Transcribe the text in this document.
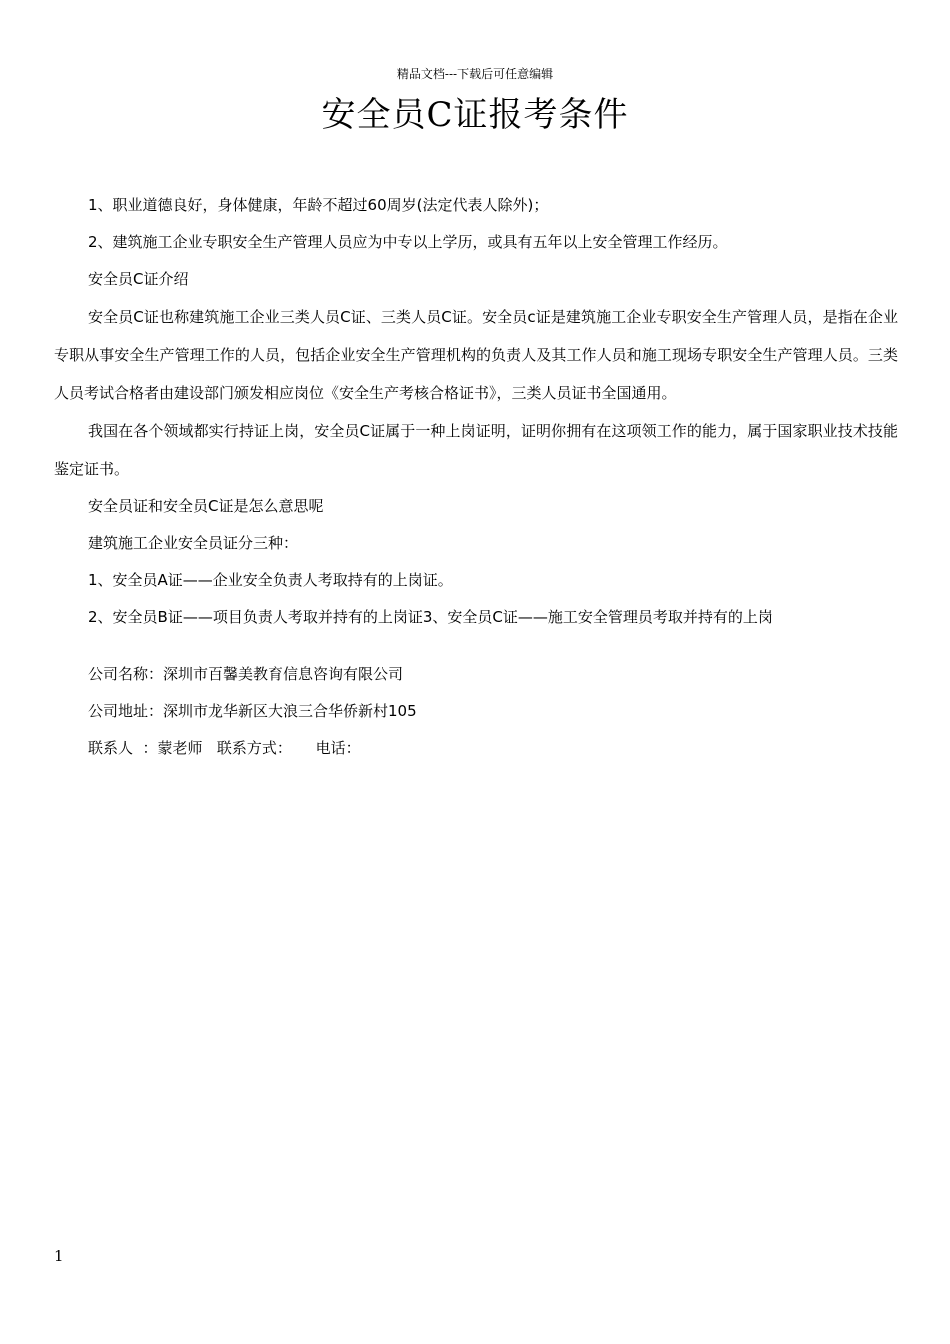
精品文档---下载后可任意编辑
安全员C证报考条件

1、职业道德良好，身体健康，年龄不超过60周岁(法定代表人除外)；

2、建筑施工企业专职安全生产管理人员应为中专以上学历，或具有五年以上安全管理工作经历。

安全员C证介绍

安全员C证也称建筑施工企业三类人员C证、三类人员C证。安全员c证是建筑施工企业专职安全生产管理人员，是指在企业专职从事安全生产管理工作的人员，包括企业安全生产管理机构的负责人及其工作人员和施工现场专职安全生产管理人员。三类人员考试合格者由建设部门颁发相应岗位《安全生产考核合格证书》，三类人员证书全国通用。

我国在各个领域都实行持证上岗，安全员C证属于一种上岗证明，证明你拥有在这项领工作的能力，属于国家职业技术技能鉴定证书。

安全员证和安全员C证是怎么意思呢

建筑施工企业安全员证分三种：

1、安全员A证——企业安全负责人考取持有的上岗证。

2、安全员B证——项目负责人考取并持有的上岗证3、安全员C证——施工安全管理员考取并持有的上岗

公司名称：深圳市百馨美教育信息咨询有限公司

公司地址：深圳市龙华新区大浪三合华侨新村105

联系人  ：蒙老师   联系方式：     电话：

1
